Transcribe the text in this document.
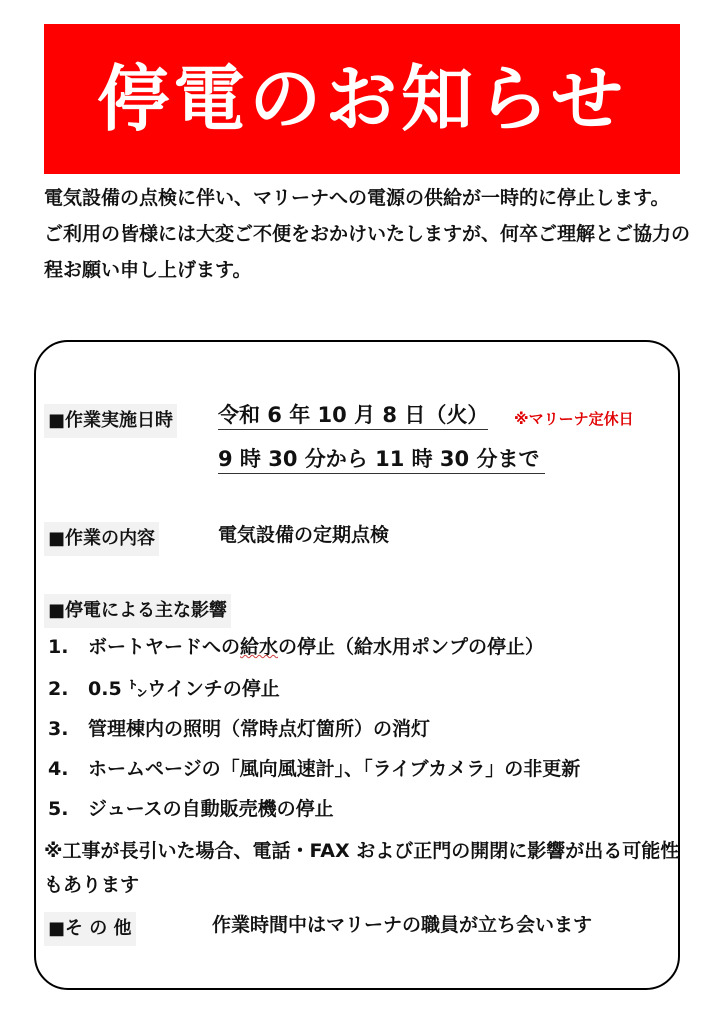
停電のお知らせ
電気設備の点検に伴い、マリーナへの電源の供給が一時的に停止します。 ご利用の皆様には大変ご不便をおかけいたしますが、何卒ご理解とご協力の程お願い申し上げます。
■作業実施日時 令和 6 年 10 月 8 日（火） ※マリーナ定休日
9 時 30 分から 11 時 30 分まで
■作業の内容	電気設備の定期点検
■停電による主な影響
1. ボートヤードへの給水の停止（給水用ポンプの停止）
2. 0.5 ㌧ウインチの停止
3. 管理棟内の照明（常時点灯箇所）の消灯
4. ホームページの「風向風速計」、「ライブカメラ」の非更新
5. ジュースの自動販売機の停止
※工事が長引いた場合、電話・FAX および正門の開閉に影響が出る可能性もあります
■そ の 他	作業時間中はマリーナの職員が立ち会います
